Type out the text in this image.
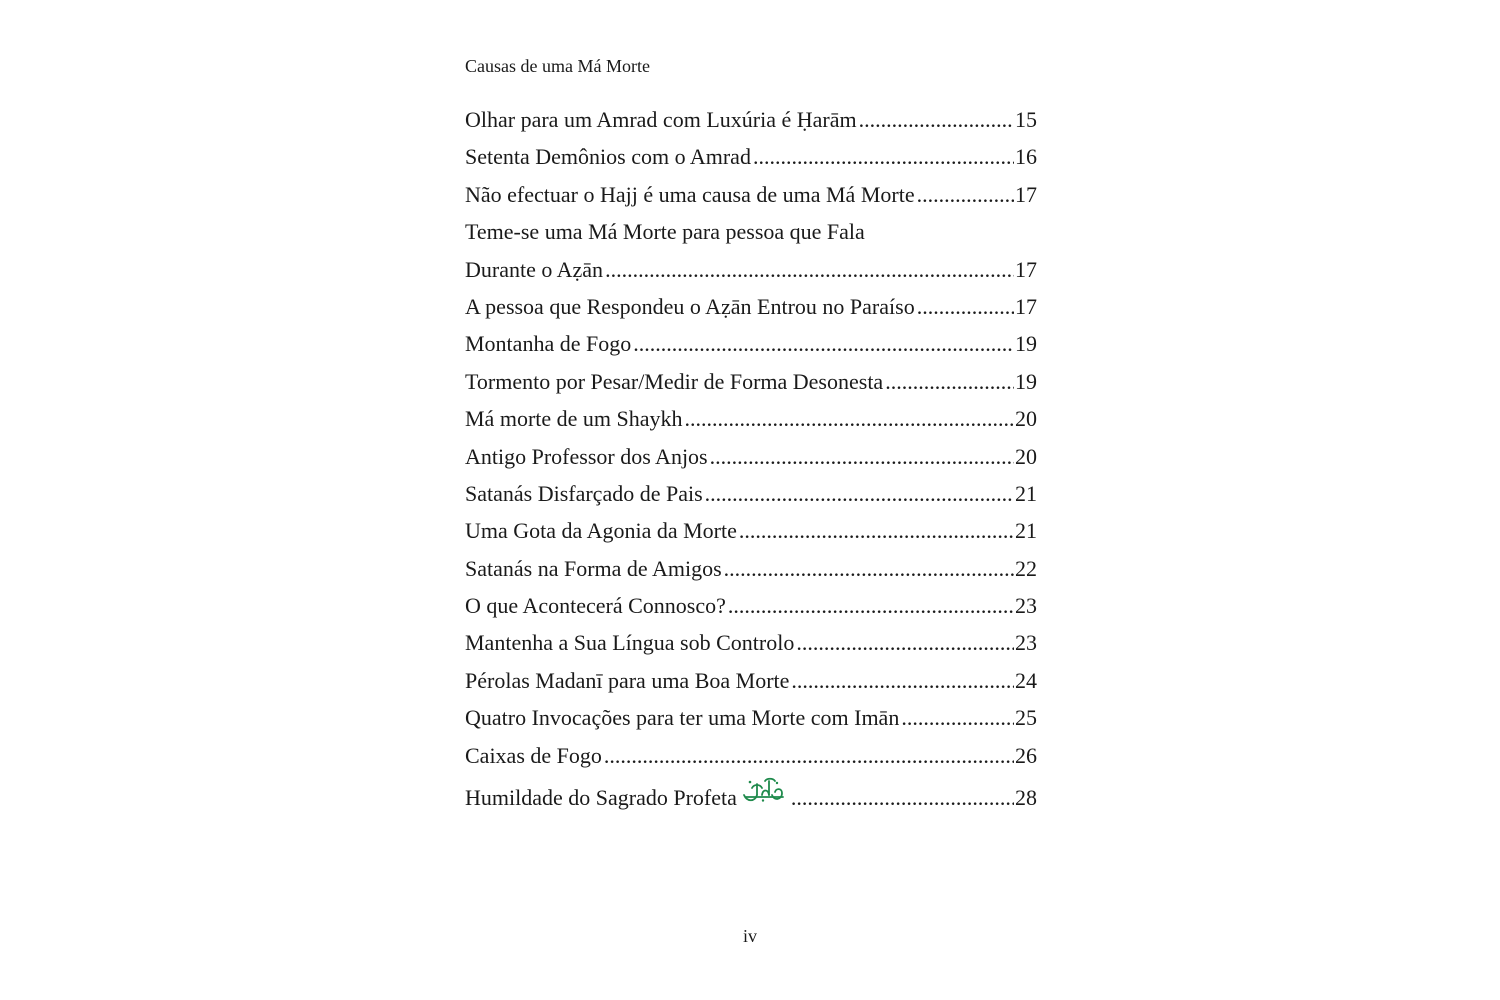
Causas de uma Má Morte
Olhar para um Amrad com Luxúria é Ḥarām .....	15
Setenta Demônios com o Amrad .....	16
Não efectuar o Hajj é uma causa de uma Má Morte .....	17
Teme-se uma Má Morte para pessoa que Fala
Durante o Aẓān .....	17
A pessoa que Respondeu o Aẓān Entrou no Paraíso .....	17
Montanha de Fogo .....	19
Tormento por Pesar/Medir de Forma Desonesta .....	19
Má morte de um Shaykh .....	20
Antigo Professor dos Anjos .....	20
Satanás Disfarçado de Pais .....	21
Uma Gota da Agonia da Morte .....	21
Satanás na Forma de Amigos .....	22
O que Acontecerá Connosco? .....	23
Mantenha a Sua Língua sob Controlo .....	23
Pérolas Madanī para uma Boa Morte .....	24
Quatro Invocações para ter uma Morte com Imān .....	25
Caixas de Fogo .....	26
Humildade do Sagrado Profeta .....	28
iv
